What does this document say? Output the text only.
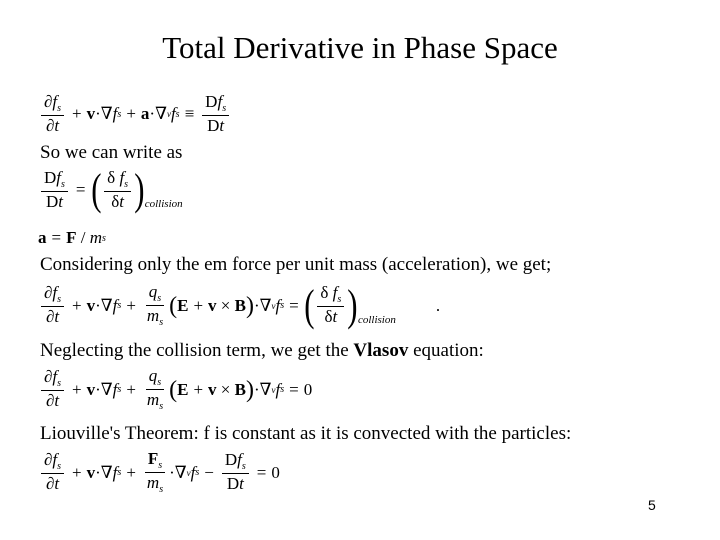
Total Derivative in Phase Space
$\frac{\partial f_s}{\partial t} + v$ ·∇ f s + a ·∇ v f $s \equiv \frac{Df_s}{Dt}$
So we can write as
$\frac{Df_s}{Dt}$ = ( $\frac{\delta f_s}{\delta t}$ ) collision
a = F / m s
Considering only the em force per unit mass (acceleration), we get;
$\frac{\partial f_s}{\partial t} + v$ ·∇ f $s + \frac{q_s}{m_s}$ ( E + v × B ) ·∇ v f s = ( $\frac{\delta f_s}{\delta t}$ ) collision
.
Neglecting the collision term, we get the Vlasov equation:
$\frac{\partial f_s}{\partial t} + v$ ·∇ f $s + \frac{q_s}{m_s}$ ( E + v × B ) ·∇ v f s = 0
Liouville's Theorem: f is constant as it is convected with the particles:
$\frac{\partial f_s}{\partial t} + v$ ·∇ f $s + \frac{F_s}{m_s}$ ·∇ v f $s - \frac{Df_s}{Dt} = 0$
5
